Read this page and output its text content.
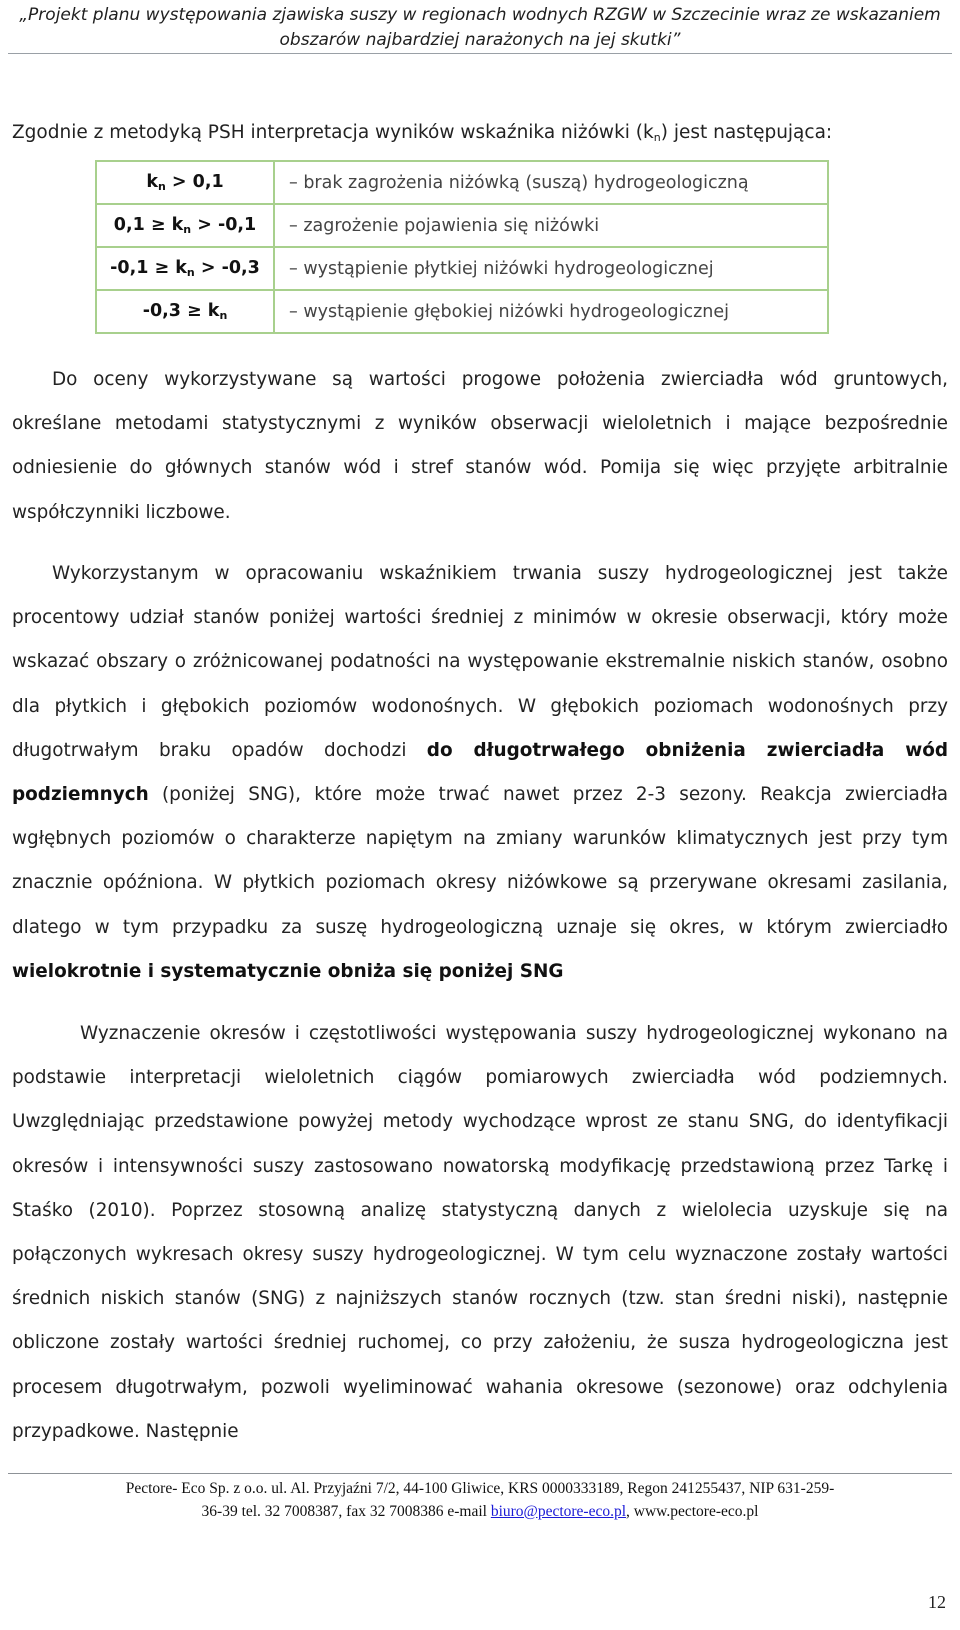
„Projekt planu występowania zjawiska suszy w regionach wodnych RZGW w Szczecinie wraz ze wskazaniem
obszarów najbardziej narażonych na jej skutki”
Zgodnie z metodyką PSH interpretacja wyników wskaźnika niżówki $(k_n)$ jest następująca:
$k_n > 0,1$	– brak zagrożenia niżówką (suszą) hydrogeologiczną
$0,1 \ge k_n > -0,1$	– zagrożenie pojawienia się niżówki
$-0,1 \ge k_n > -0,3$	– wystąpienie płytkiej niżówki hydrogeologicznej
$-0,3 \ge k_n$	– wystąpienie głębokiej niżówki hydrogeologicznej

Do oceny wykorzystywane są wartości progowe położenia zwierciadła wód gruntowych, określane metodami statystycznymi z wyników obserwacji wieloletnich i mające bezpośrednie odniesienie do głównych stanów wód i stref stanów wód. Pomija się więc przyjęte arbitralnie współczynniki liczbowe.

Wykorzystanym w opracowaniu wskaźnikiem trwania suszy hydrogeologicznej jest także procentowy udział stanów poniżej wartości średniej z minimów w okresie obserwacji, który może wskazać obszary o zróżnicowanej podatności na występowanie ekstremalnie niskich stanów, osobno dla płytkich i głębokich poziomów wodonośnych. W głębokich poziomach wodonośnych przy długotrwałym braku opadów dochodzi do długotrwałego obniżenia zwierciadła wód podziemnych (poniżej SNG), które może trwać nawet przez 2-3 sezony. Reakcja zwierciadła wgłębnych poziomów o charakterze napiętym na zmiany warunków klimatycznych jest przy tym znacznie opóźniona. W płytkich poziomach okresy niżówkowe są przerywane okresami zasilania, dlatego w tym przypadku za suszę hydrogeologiczną uznaje się okres, w którym zwierciadło wielokrotnie i systematycznie obniża się poniżej SNG

Wyznaczenie okresów i częstotliwości występowania suszy hydrogeologicznej wykonano na podstawie interpretacji wieloletnich ciągów pomiarowych zwierciadła wód podziemnych. Uwzględniając przedstawione powyżej metody wychodzące wprost ze stanu SNG, do identyfikacji okresów i intensywności suszy zastosowano nowatorską modyfikację przedstawioną przez Tarkę i Staśko (2010). Poprzez stosowną analizę statystyczną danych z wielolecia uzyskuje się na połączonych wykresach okresy suszy hydrogeologicznej. W tym celu wyznaczone zostały wartości średnich niskich stanów (SNG) z najniższych stanów rocznych (tzw. stan średni niski), następnie obliczone zostały wartości średniej ruchomej, co przy założeniu, że susza hydrogeologiczna jest procesem długotrwałym, pozwoli wyeliminować wahania okresowe (sezonowe) oraz odchylenia przypadkowe. Następnie

Pectore- Eco Sp. z o.o. ul. Al. Przyjaźni 7/2, 44-100 Gliwice, KRS 0000333189, Regon 241255437, NIP 631-259-
36-39 tel. 32 7008387, fax 32 7008386 e-mail biuro@pectore-eco.pl, www.pectore-eco.pl
12
